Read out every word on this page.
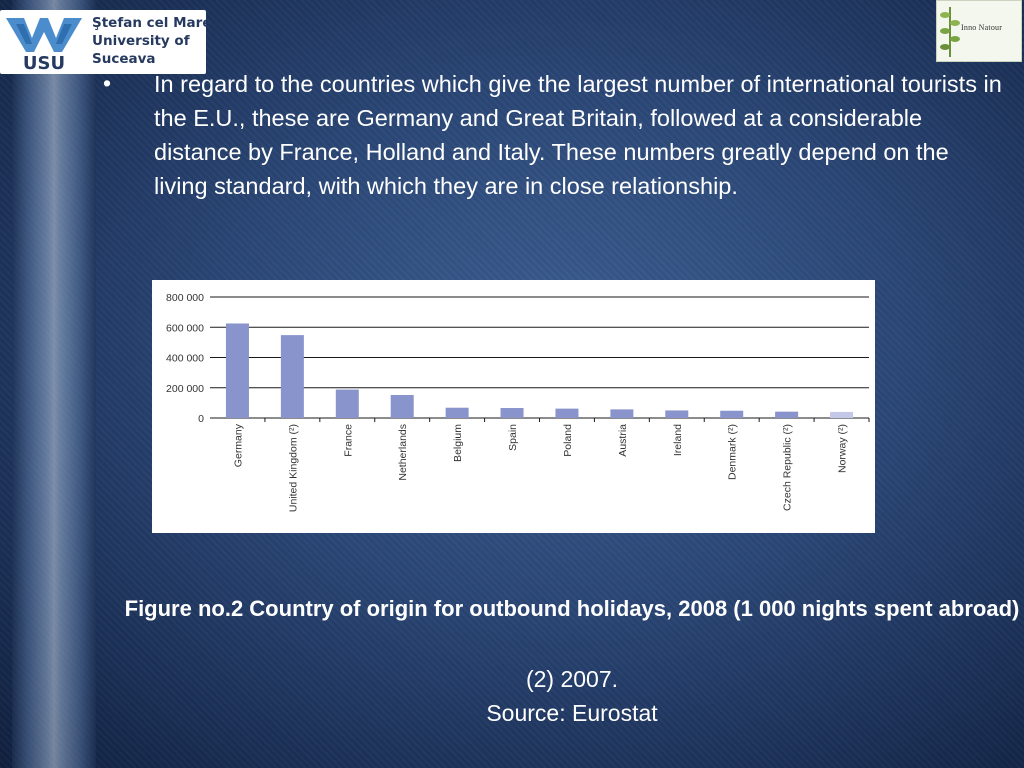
USU
Ştefan cel Mare
University of
Suceava
Inno Natour
• In regard to the countries which give the largest number of international tourists in the E.U., these are Germany and Great Britain, followed at a considerable distance by France, Holland and Italy. These numbers greatly depend on the living standard, with which they are in close relationship.
0
200 000
400 000
600 000
800 000
Germany	United Kingdom (²)	France	Netherlands	Belgium	Spain	Poland	Austria	Ireland	Denmark (²)	Czech Republic (²)	Norway (²)
Figure no.2 Country of origin for outbound holidays, 2008 (1 000 nights spent abroad)
(2) 2007.
Source: Eurostat
